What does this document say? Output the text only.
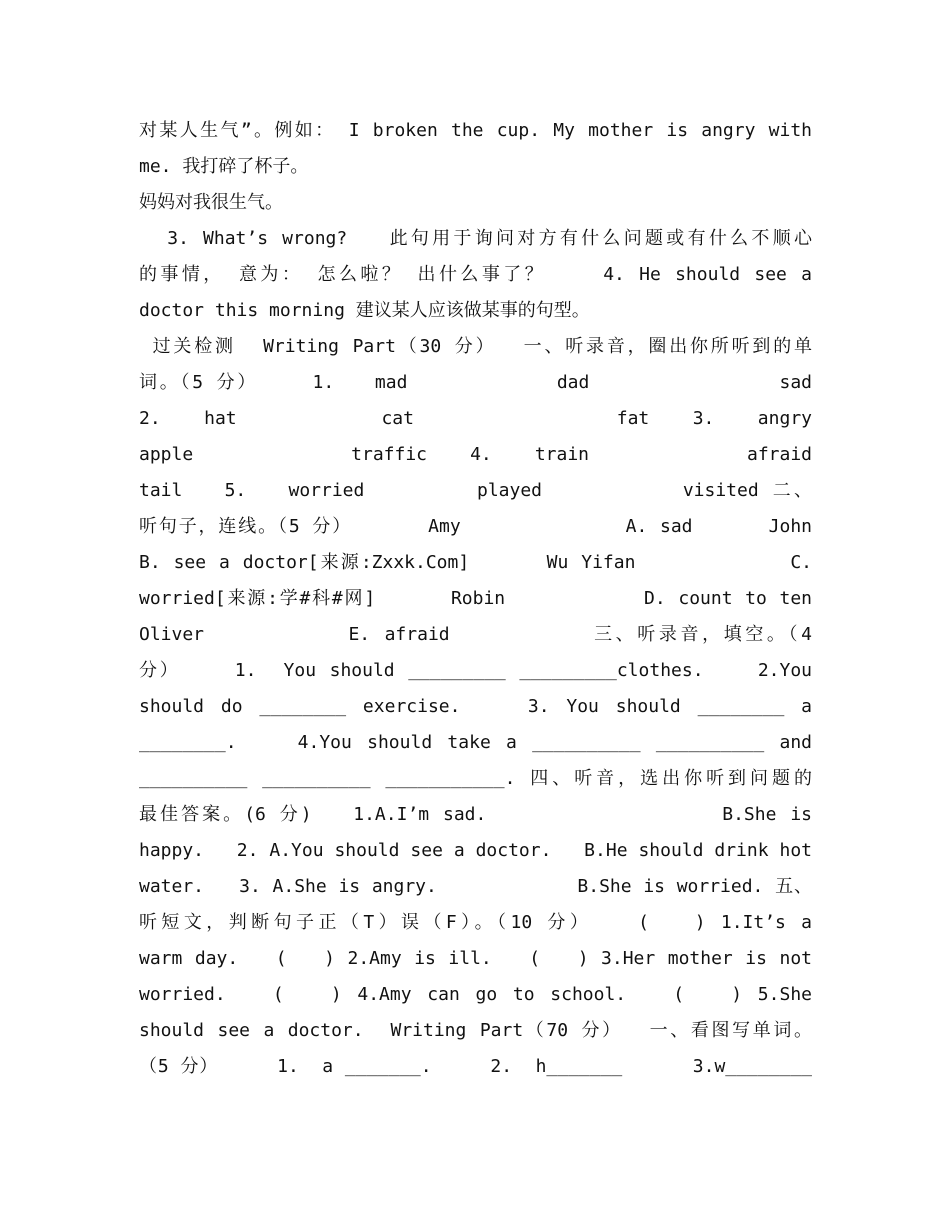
对某人生气”。例如： I broken the cup. My mother is angry with
me. 我打碎了杯子。
妈妈对我很生气。
3. What’s wrong?   此句用于询问对方有什么问题或有什么不顺心
的事情， 意为： 怎么啦？ 出什么事了？    4. He should see a
doctor this morning 建议某人应该做某事的句型。
过关检测  Writing Part（30 分）  一、听录音，圈出你所听到的单
词。（5 分）    1.   mad           dad              sad
2.   hat          cat              fat   3.   angry
apple           traffic   4.   train           afraid
tail   5.   worried        played          visited 二、
听句子，连线。（5 分）      Amy             A. sad      John
B. see a doctor[来源:Zxxk.Com]      Wu Yifan            C.
worried[来源:学#科#网]      Robin           D. count to ten
Oliver          E. afraid          三、听录音，填空。（4
分）    1.  You should _________ _________clothes.    2.You
should do ________ exercise.    3. You should ________ a
________.    4.You should take a __________ __________ and
__________ __________ ___________. 四、听音，选出你听到问题的
最佳答案。(6 分)   1.A.I’m sad.                 B.She is
happy.   2. A.You should see a doctor.   B.He should drink hot
water.   3. A.She is angry.            B.She is worried. 五、
听短文，判断句子正（T）误（F）。（10 分）   (   ) 1.It’s a
warm day.   (   ) 2.Amy is ill.   (   ) 3.Her mother is not
worried.   (   ) 4.Amy can go to school.   (   ) 5.She
should see a doctor.  Writing Part（70 分）  一、看图写单词。
（5 分）     1.  a _______.     2.  h_______      3.w________
